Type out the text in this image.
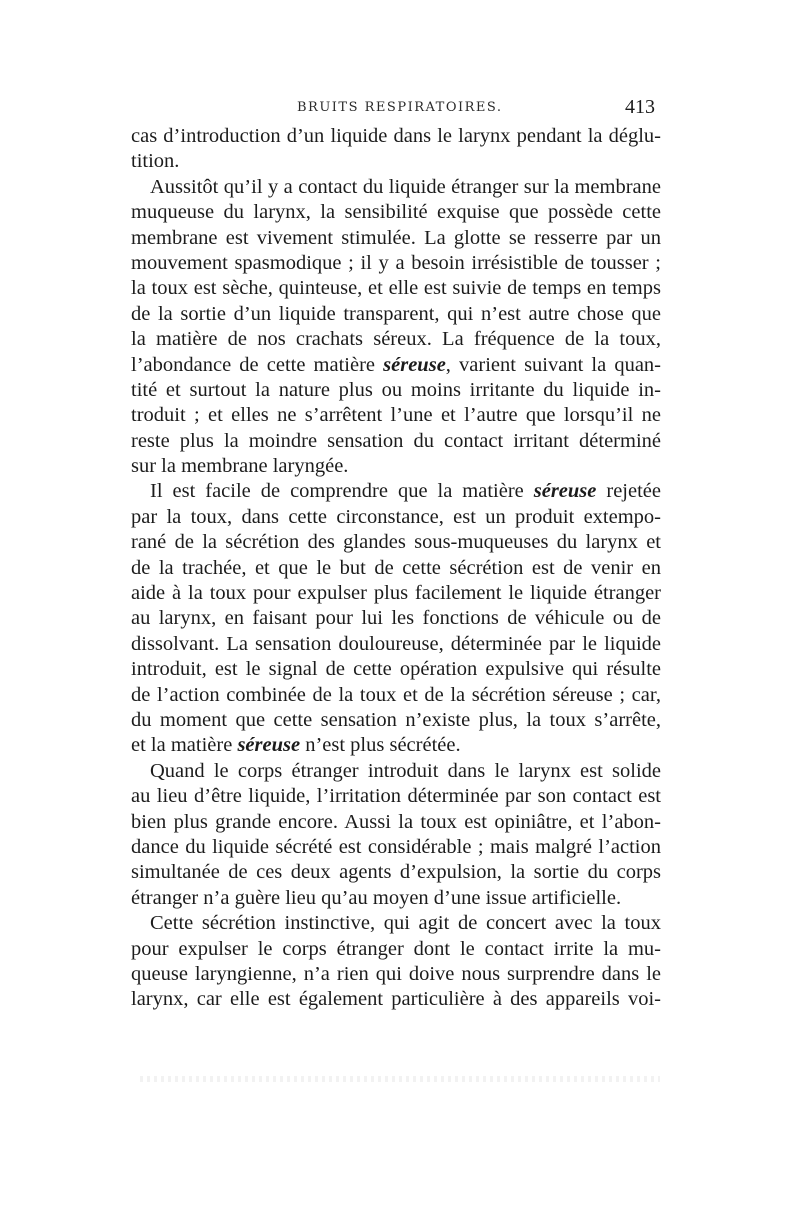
BRUITS RESPIRATOIRES.	413
cas d’introduction d’un liquide dans le larynx pendant la déglu-
tition.
Aussitôt qu’il y a contact du liquide étranger sur la membrane
muqueuse du larynx, la sensibilité exquise que possède cette
membrane est vivement stimulée. La glotte se resserre par un
mouvement spasmodique ; il y a besoin irrésistible de tousser ;
la toux est sèche, quinteuse, et elle est suivie de temps en temps
de la sortie d’un liquide transparent, qui n’est autre chose que
la matière de nos crachats séreux. La fréquence de la toux,
l’abondance de cette matière séreuse, varient suivant la quan-
tité et surtout la nature plus ou moins irritante du liquide in-
troduit ; et elles ne s’arrêtent l’une et l’autre que lorsqu’il ne
reste plus la moindre sensation du contact irritant déterminé
sur la membrane laryngée.
Il est facile de comprendre que la matière séreuse rejetée
par la toux, dans cette circonstance, est un produit extempo-
rané de la sécrétion des glandes sous-muqueuses du larynx et
de la trachée, et que le but de cette sécrétion est de venir en
aide à la toux pour expulser plus facilement le liquide étranger
au larynx, en faisant pour lui les fonctions de véhicule ou de
dissolvant. La sensation douloureuse, déterminée par le liquide
introduit, est le signal de cette opération expulsive qui résulte
de l’action combinée de la toux et de la sécrétion séreuse ; car,
du moment que cette sensation n’existe plus, la toux s’arrête,
et la matière séreuse n’est plus sécrétée.
Quand le corps étranger introduit dans le larynx est solide
au lieu d’être liquide, l’irritation déterminée par son contact est
bien plus grande encore. Aussi la toux est opiniâtre, et l’abon-
dance du liquide sécrété est considérable ; mais malgré l’action
simultanée de ces deux agents d’expulsion, la sortie du corps
étranger n’a guère lieu qu’au moyen d’une issue artificielle.
Cette sécrétion instinctive, qui agit de concert avec la toux
pour expulser le corps étranger dont le contact irrite la mu-
queuse laryngienne, n’a rien qui doive nous surprendre dans le
larynx, car elle est également particulière à des appareils voi-
